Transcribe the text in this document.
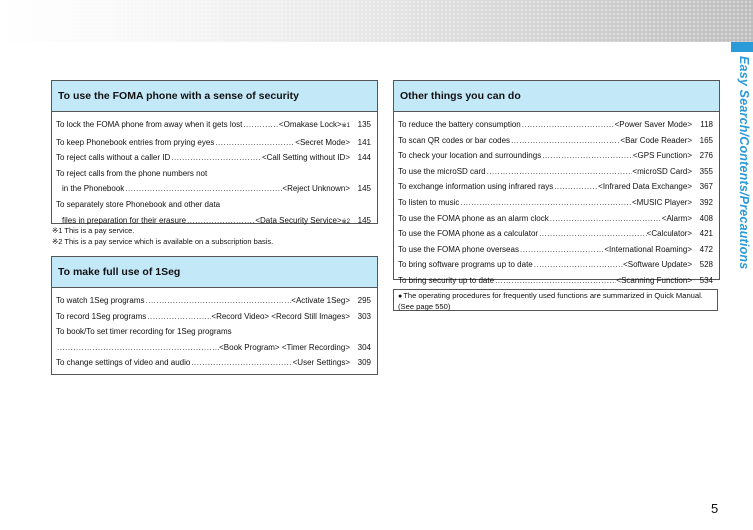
Easy Search/Contents/Precautions
To use the FOMA phone with a sense of security
To lock the FOMA phone from away when it gets lost .....	<Omakase Lock> ※1 135
To keep Phonebook entries from prying eyes .....	<Secret Mode> 141
To reject calls without a caller ID .....	<Call Setting without ID> 144
To reject calls from the phone numbers not
in the Phonebook .....	<Reject Unknown> 145
To separately store Phonebook and other data
files in preparation for their erasure .....	<Data Security Service> ※2 145
※1 This is a pay service.
※2 This is a pay service which is available on a subscription basis.
To make full use of 1Seg
To watch 1Seg programs .....	<Activate 1Seg> 295
To record 1Seg programs .....	<Record Video> <Record Still Images> 303
To book/To set timer recording for 1Seg programs
.....
<Book Program> <Timer Recording> 304
To change settings of video and audio .....	<User Settings> 309
Other things you can do
To reduce the battery consumption .....	<Power Saver Mode>	118
To scan QR codes or bar codes .....	<Bar Code Reader> 165
To check your location and surroundings .....	<GPS Function> 276
To use the microSD card .....	<microSD Card> 355
To exchange information using infrared rays .....	<Infrared Data Exchange> 367
To listen to music .....	<MUSIC Player> 392
To use the FOMA phone as an alarm clock .....	<Alarm> 408
To use the FOMA phone as a calculator .....	<Calculator> 421
To use the FOMA phone overseas .....	<International Roaming> 472
To bring software programs up to date .....	<Software Update> 528
To bring security up to date .....	<Scanning Function> 534
●The operating procedures for frequently used functions are summarized in Quick Manual. (See page 550)
5
